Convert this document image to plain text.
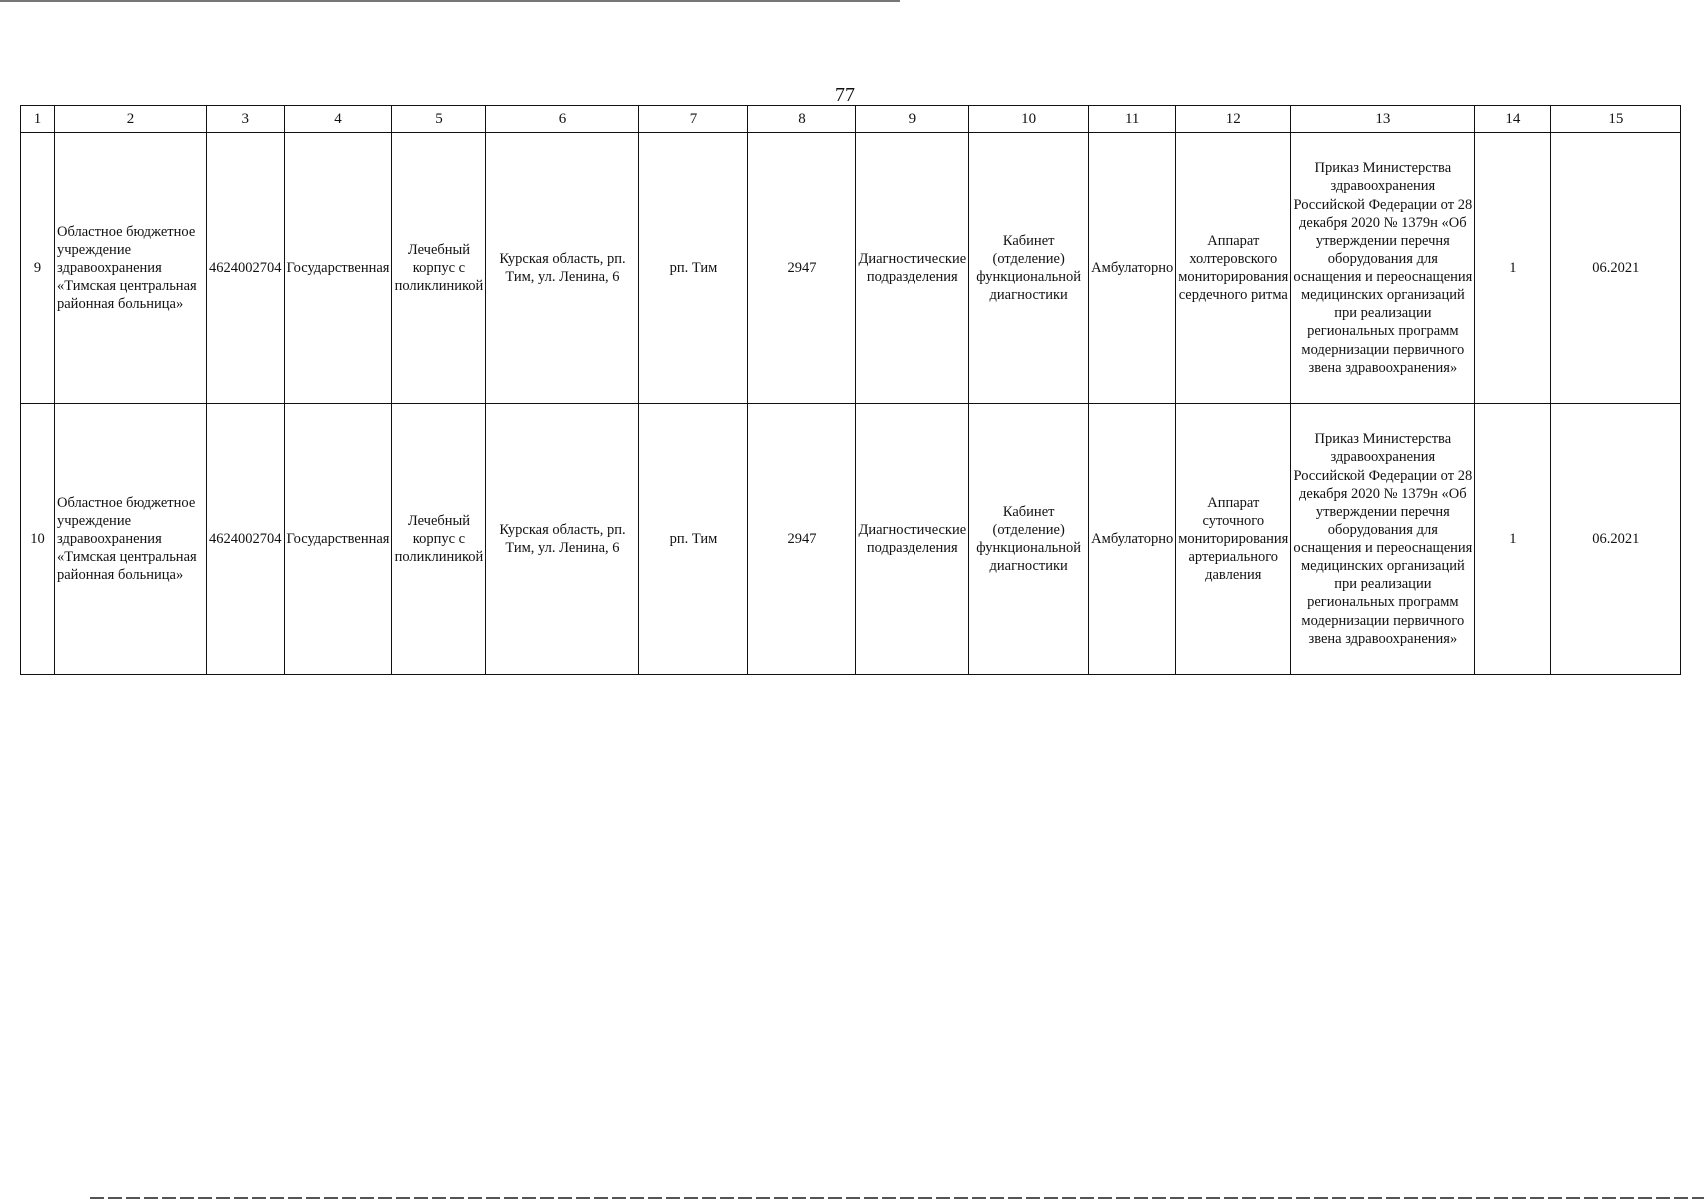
77
1	2	3	4	5	6	7	8	9	10	11	12	13	14	15
9	Областное бюджетное учреждение здравоохранения «Тимская центральная районная больница»	4624002704	Государственная	Лечебный корпус с поликлиникой	Курская область, рп. Тим, ул. Ленина, 6	рп. Тим	2947	Диагностические подразделения	Кабинет (отделение) функциональной диагностики	Амбулаторно	Аппарат холтеровского мониторирования сердечного ритма	Приказ Министерства здравоохранения Российской Федерации от 28 декабря 2020 № 1379н «Об утверждении перечня оборудования для оснащения и переоснащения медицинских организаций при реализации региональных программ модернизации первичного звена здравоохранения»	1	06.2021
10	Областное бюджетное учреждение здравоохранения «Тимская центральная районная больница»	4624002704	Государственная	Лечебный корпус с поликлиникой	Курская область, рп. Тим, ул. Ленина, 6	рп. Тим	2947	Диагностические подразделения	Кабинет (отделение) функциональной диагностики	Амбулаторно	Аппарат суточного мониторирования артериального давления	Приказ Министерства здравоохранения Российской Федерации от 28 декабря 2020 № 1379н «Об утверждении перечня оборудования для оснащения и переоснащения медицинских организаций при реализации региональных программ модернизации первичного звена здравоохранения»	1	06.2021
